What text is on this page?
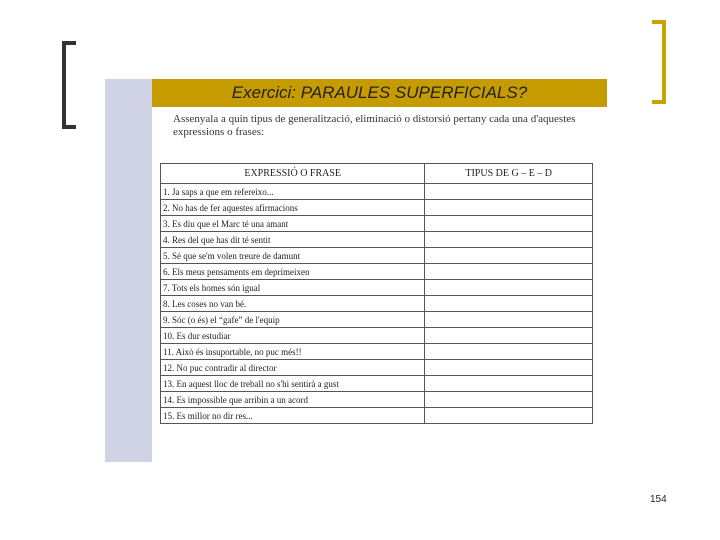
Exercici: PARAULES SUPERFICIALS?
Assenyala a quin tipus de generalització, eliminació o distorsió pertany cada una d'aquestes expressions o frases:
EXPRESSIÓ O FRASE	TIPUS DE G – E – D
1. Ja saps a que em refereixo...	
2. No has de fer aquestes afirmacions	
3. Es diu que el Marc té una amant	
4. Res del que has dit té sentit	
5. Sé que se'm volen treure de damunt	
6. Els meus pensaments em deprimeixen	
7. Tots els homes són igual	
8. Les coses no van bé.	
9. Sóc (o és) el “gafe” de l'equip	
10. Es dur estudiar	
11. Això és insuportable, no puc més!!	
12. No puc contradir al director	
13. En aquest lloc de treball no s'hi sentirà a gust	
14. Es impossible que arribin a un acord	
15. Es millor no dir res...	
154
